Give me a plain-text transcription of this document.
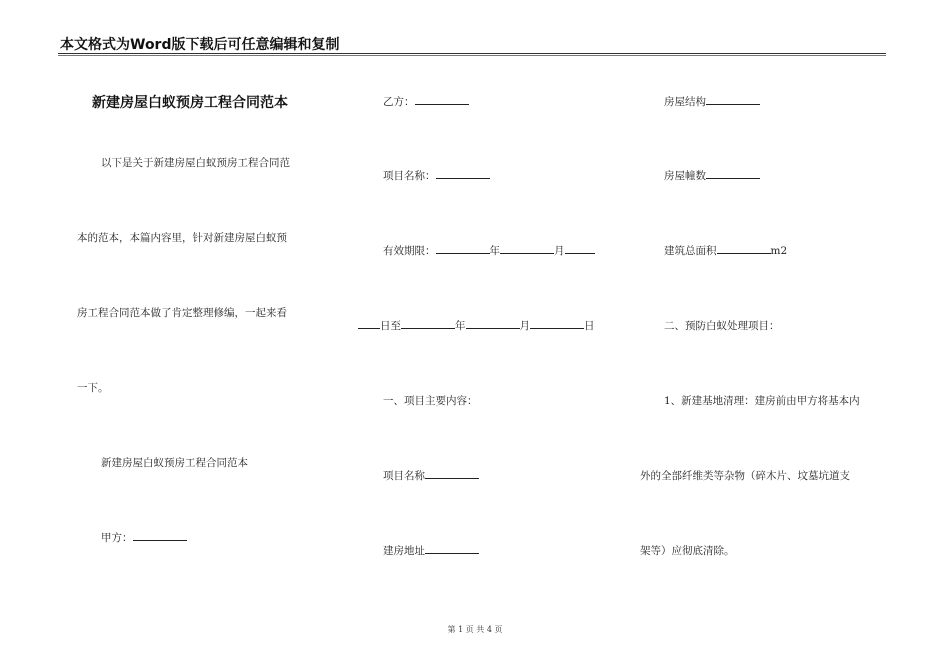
本文格式为Word版下载后可任意编辑和复制
新建房屋白蚁预房工程合同范本
以下是关于新建房屋白蚁预房工程合同范
本的范本，本篇内容里，针对新建房屋白蚁预
房工程合同范本做了肯定整理修编，一起来看
一下。
新建房屋白蚁预房工程合同范本
甲方：
乙方：
项目名称：
有效期限：	年	月
日至	年	月	日
一、项目主要内容：
项目名称
建房地址
房屋结构
房屋幢数
建筑总面积	m2
二、预防白蚁处理项目：
1、新建基地清理：建房前由甲方将基本内
外的全部纤维类等杂物（碎木片、坟墓坑道支
架等）应彻底清除。
第 1 页 共 4 页
